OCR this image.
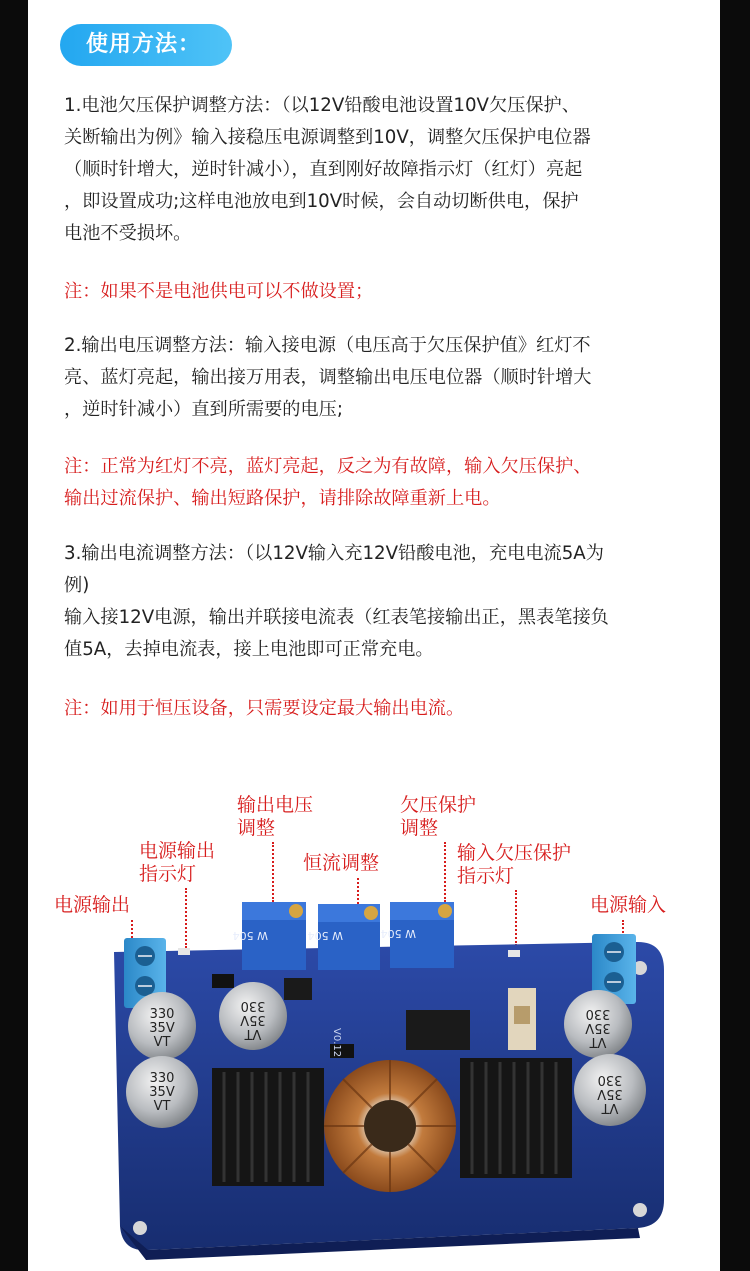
使用方法：
1.电池欠压保护调整方法：（以12V铅酸电池设置10V欠压保护、
关断输出为例》输入接稳压电源调整到10V，调整欠压保护电位器
（顺时针增大，逆时针减小），直到刚好故障指示灯（红灯）亮起
，即设置成功;这样电池放电到10V时候，会自动切断供电，保护
电池不受损坏。
注：如果不是电池供电可以不做设置；
2.输出电压调整方法：输入接电源（电压高于欠压保护值》红灯不
亮、蓝灯亮起，输出接万用表，调整输出电压电位器（顺时针增大
，逆时针减小）直到所需要的电压;
注：正常为红灯不亮，蓝灯亮起，反之为有故障，输入欠压保护、
输出过流保护、输出短路保护，请排除故障重新上电。
3.输出电流调整方法：（以12V输入充12V铅酸电池，充电电流5A为
例)
输入接12V电源，输出并联接电流表（红表笔接输出正，黑表笔接负
值5A，去掉电流表，接上电池即可正常充电。
注：如用于恒压设备，只需要设定最大输出电流。
输出电压
调整
欠压保护
调整
电源输出
指示灯	恒流调整	输入欠压保护
指示灯
电源输出	电源输入
W 504	W 504	W 504
V0.12
330
35V
VT
330
35V
VT
VT
35V
330
VT
35V
330
VT
35V
330
